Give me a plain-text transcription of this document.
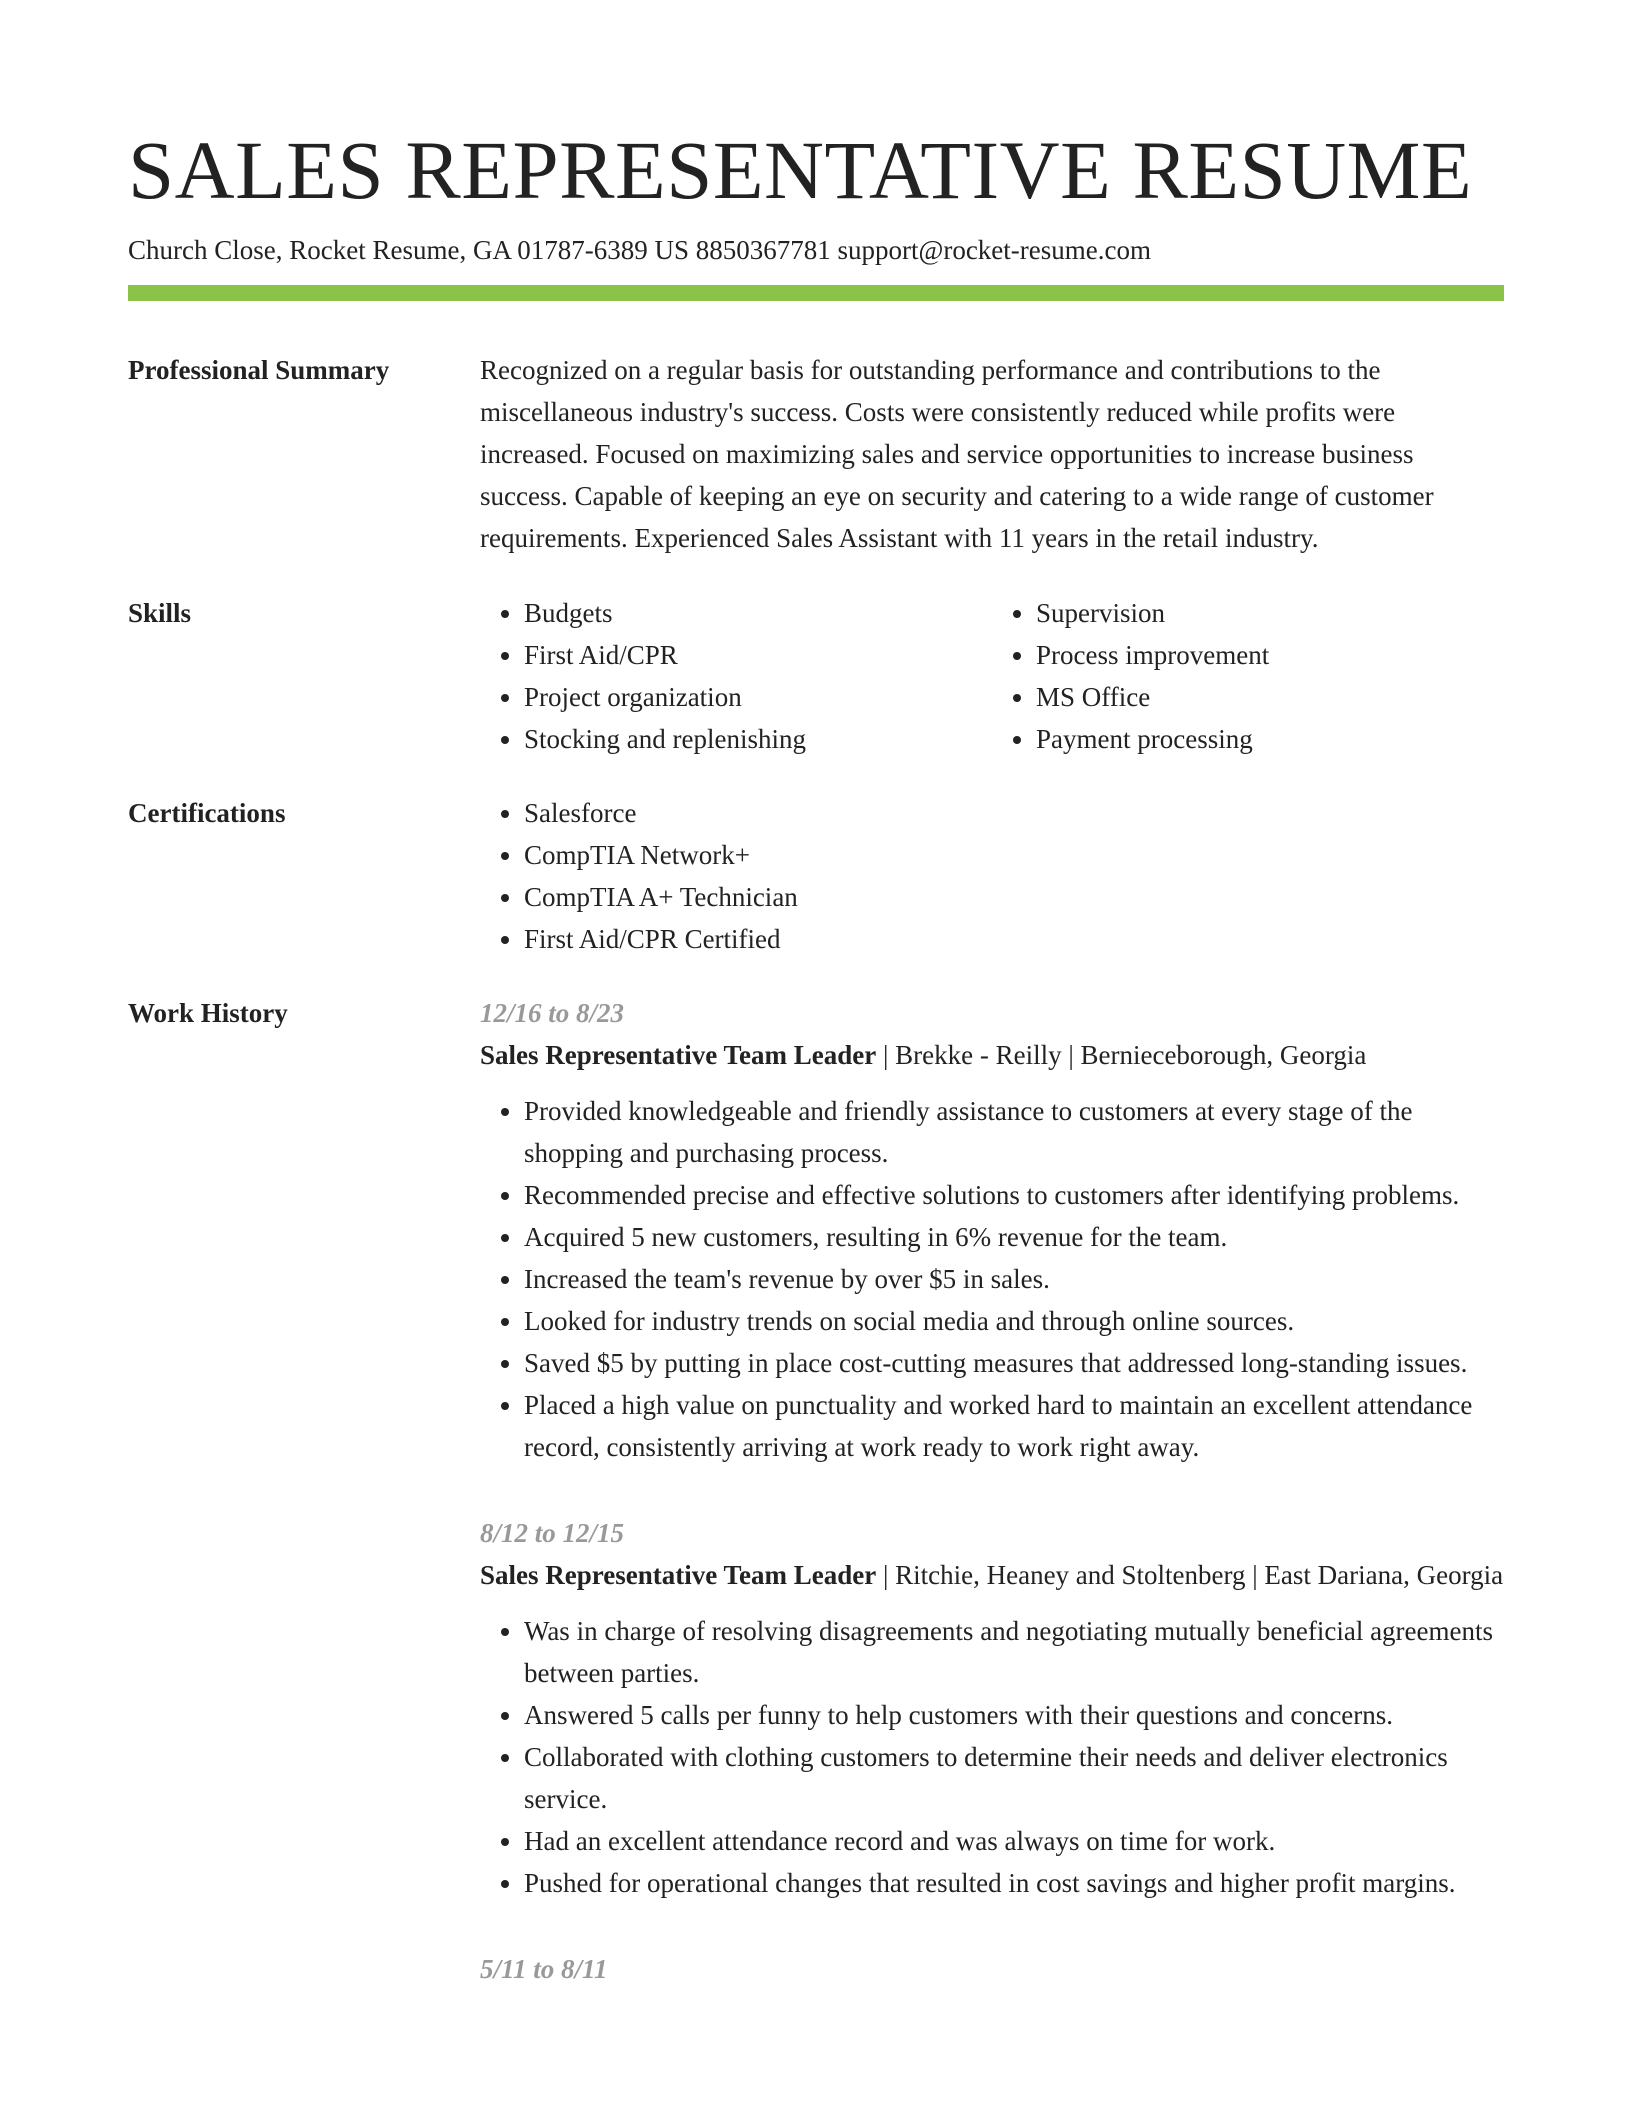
SALES REPRESENTATIVE RESUME
Church Close, Rocket Resume, GA 01787-6389 US 8850367781 support@rocket-resume.com
Professional Summary	Recognized on a regular basis for outstanding performance and contributions to the miscellaneous industry's success. Costs were consistently reduced while profits were increased. Focused on maximizing sales and service opportunities to increase business success. Capable of keeping an eye on security and catering to a wide range of customer requirements. Experienced Sales Assistant with 11 years in the retail industry.

Skills	• Budgets
• First Aid/CPR
• Project organization
• Stocking and replenishing
• Supervision
• Process improvement
• MS Office
• Payment processing
Certifications	• Salesforce
• CompTIA Network+
• CompTIA A+ Technician
• First Aid/CPR Certified
Work History	12/16 to 8/23
Sales Representative Team Leader | Brekke - Reilly | Bernieceborough, Georgia
• Provided knowledgeable and friendly assistance to customers at every stage of the shopping and purchasing process.
• Recommended precise and effective solutions to customers after identifying problems.
• Acquired 5 new customers, resulting in 6% revenue for the team.
• Increased the team's revenue by over $5 in sales.
• Looked for industry trends on social media and through online sources.
• Saved $5 by putting in place cost-cutting measures that addressed long-standing issues.
• Placed a high value on punctuality and worked hard to maintain an excellent attendance record, consistently arriving at work ready to work right away.
8/12 to 12/15
Sales Representative Team Leader | Ritchie, Heaney and Stoltenberg | East Dariana, Georgia
• Was in charge of resolving disagreements and negotiating mutually beneficial agreements between parties.
• Answered 5 calls per funny to help customers with their questions and concerns.
• Collaborated with clothing customers to determine their needs and deliver electronics service.
• Had an excellent attendance record and was always on time for work.
• Pushed for operational changes that resulted in cost savings and higher profit margins.
5/11 to 8/11
